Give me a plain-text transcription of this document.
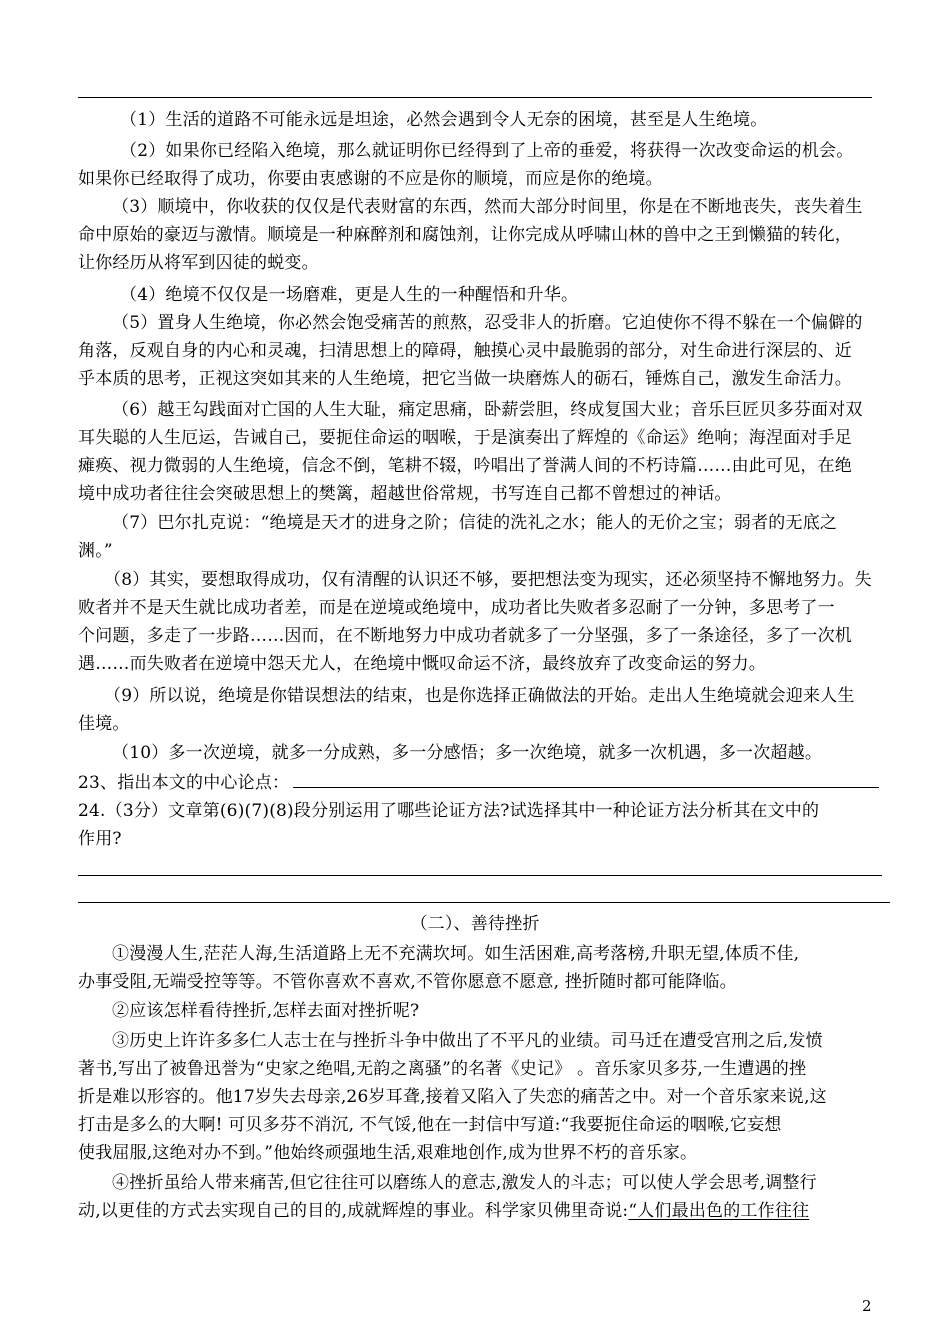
（1）生活的道路不可能永远是坦途，必然会遇到令人无奈的困境，甚至是人生绝境。
（2）如果你已经陷入绝境，那么就证明你已经得到了上帝的垂爱，将获得一次改变命运的机会。
如果你已经取得了成功，你要由衷感谢的不应是你的顺境，而应是你的绝境。
（3）顺境中，你收获的仅仅是代表财富的东西，然而大部分时间里，你是在不断地丧失，丧失着生
命中原始的豪迈与激情。顺境是一种麻醉剂和腐蚀剂，让你完成从呼啸山林的兽中之王到懒猫的转化，
让你经历从将军到囚徒的蜕变。
（4）绝境不仅仅是一场磨难，更是人生的一种醒悟和升华。
（5）置身人生绝境，你必然会饱受痛苦的煎熬，忍受非人的折磨。它迫使你不得不躲在一个偏僻的
角落，反观自身的内心和灵魂，扫清思想上的障碍，触摸心灵中最脆弱的部分，对生命进行深层的、近
乎本质的思考，正视这突如其来的人生绝境，把它当做一块磨炼人的砺石，锤炼自己，激发生命活力。
（6）越王勾践面对亡国的人生大耻，痛定思痛，卧薪尝胆，终成复国大业；音乐巨匠贝多芬面对双
耳失聪的人生厄运，告诫自己，要扼住命运的咽喉，于是演奏出了辉煌的《命运》绝响；海涅面对手足
瘫痪、视力微弱的人生绝境，信念不倒，笔耕不辍，吟唱出了誉满人间的不朽诗篇……由此可见，在绝
境中成功者往往会突破思想上的樊篱，超越世俗常规，书写连自己都不曾想过的神话。
（7）巴尔扎克说：“绝境是天才的进身之阶；信徒的洗礼之水；能人的无价之宝；弱者的无底之
渊。”
（8）其实，要想取得成功，仅有清醒的认识还不够，要把想法变为现实，还必须坚持不懈地努力。失
败者并不是天生就比成功者差，而是在逆境或绝境中，成功者比失败者多忍耐了一分钟，多思考了一
个问题，多走了一步路……因而，在不断地努力中成功者就多了一分坚强，多了一条途径，多了一次机
遇……而失败者在逆境中怨天尤人，在绝境中慨叹命运不济，最终放弃了改变命运的努力。
（9）所以说，绝境是你错误想法的结束，也是你选择正确做法的开始。走出人生绝境就会迎来人生
佳境。
（10）多一次逆境，就多一分成熟，多一分感悟；多一次绝境，就多一次机遇，多一次超越。
23、指出本文的中心论点：
24.（3分）文章第(6)(7)(8)段分别运用了哪些论证方法?试选择其中一种论证方法分析其在文中的
作用?
（二）、善待挫折
①漫漫人生,茫茫人海,生活道路上无不充满坎坷。如生活困难,高考落榜,升职无望,体质不佳,
办事受阻,无端受控等等。不管你喜欢不喜欢,不管你愿意不愿意, 挫折随时都可能降临。
②应该怎样看待挫折,怎样去面对挫折呢?
③历史上许许多多仁人志士在与挫折斗争中做出了不平凡的业绩。司马迁在遭受宫刑之后,发愤
著书,写出了被鲁迅誉为“史家之绝唱,无韵之离骚”的名著《史记》 。音乐家贝多芬,一生遭遇的挫
折是难以形容的。他17岁失去母亲,26岁耳聋,接着又陷入了失恋的痛苦之中。对一个音乐家来说,这
打击是多么的大啊! 可贝多芬不消沉, 不气馁,他在一封信中写道:“我要扼住命运的咽喉,它妄想
使我屈服,这绝对办不到。”他始终顽强地生活,艰难地创作,成为世界不朽的音乐家。
④挫折虽给人带来痛苦,但它往往可以磨练人的意志,激发人的斗志；可以使人学会思考,调整行
动,以更佳的方式去实现自己的目的,成就辉煌的事业。科学家贝佛里奇说:“人们最出色的工作往往
2
